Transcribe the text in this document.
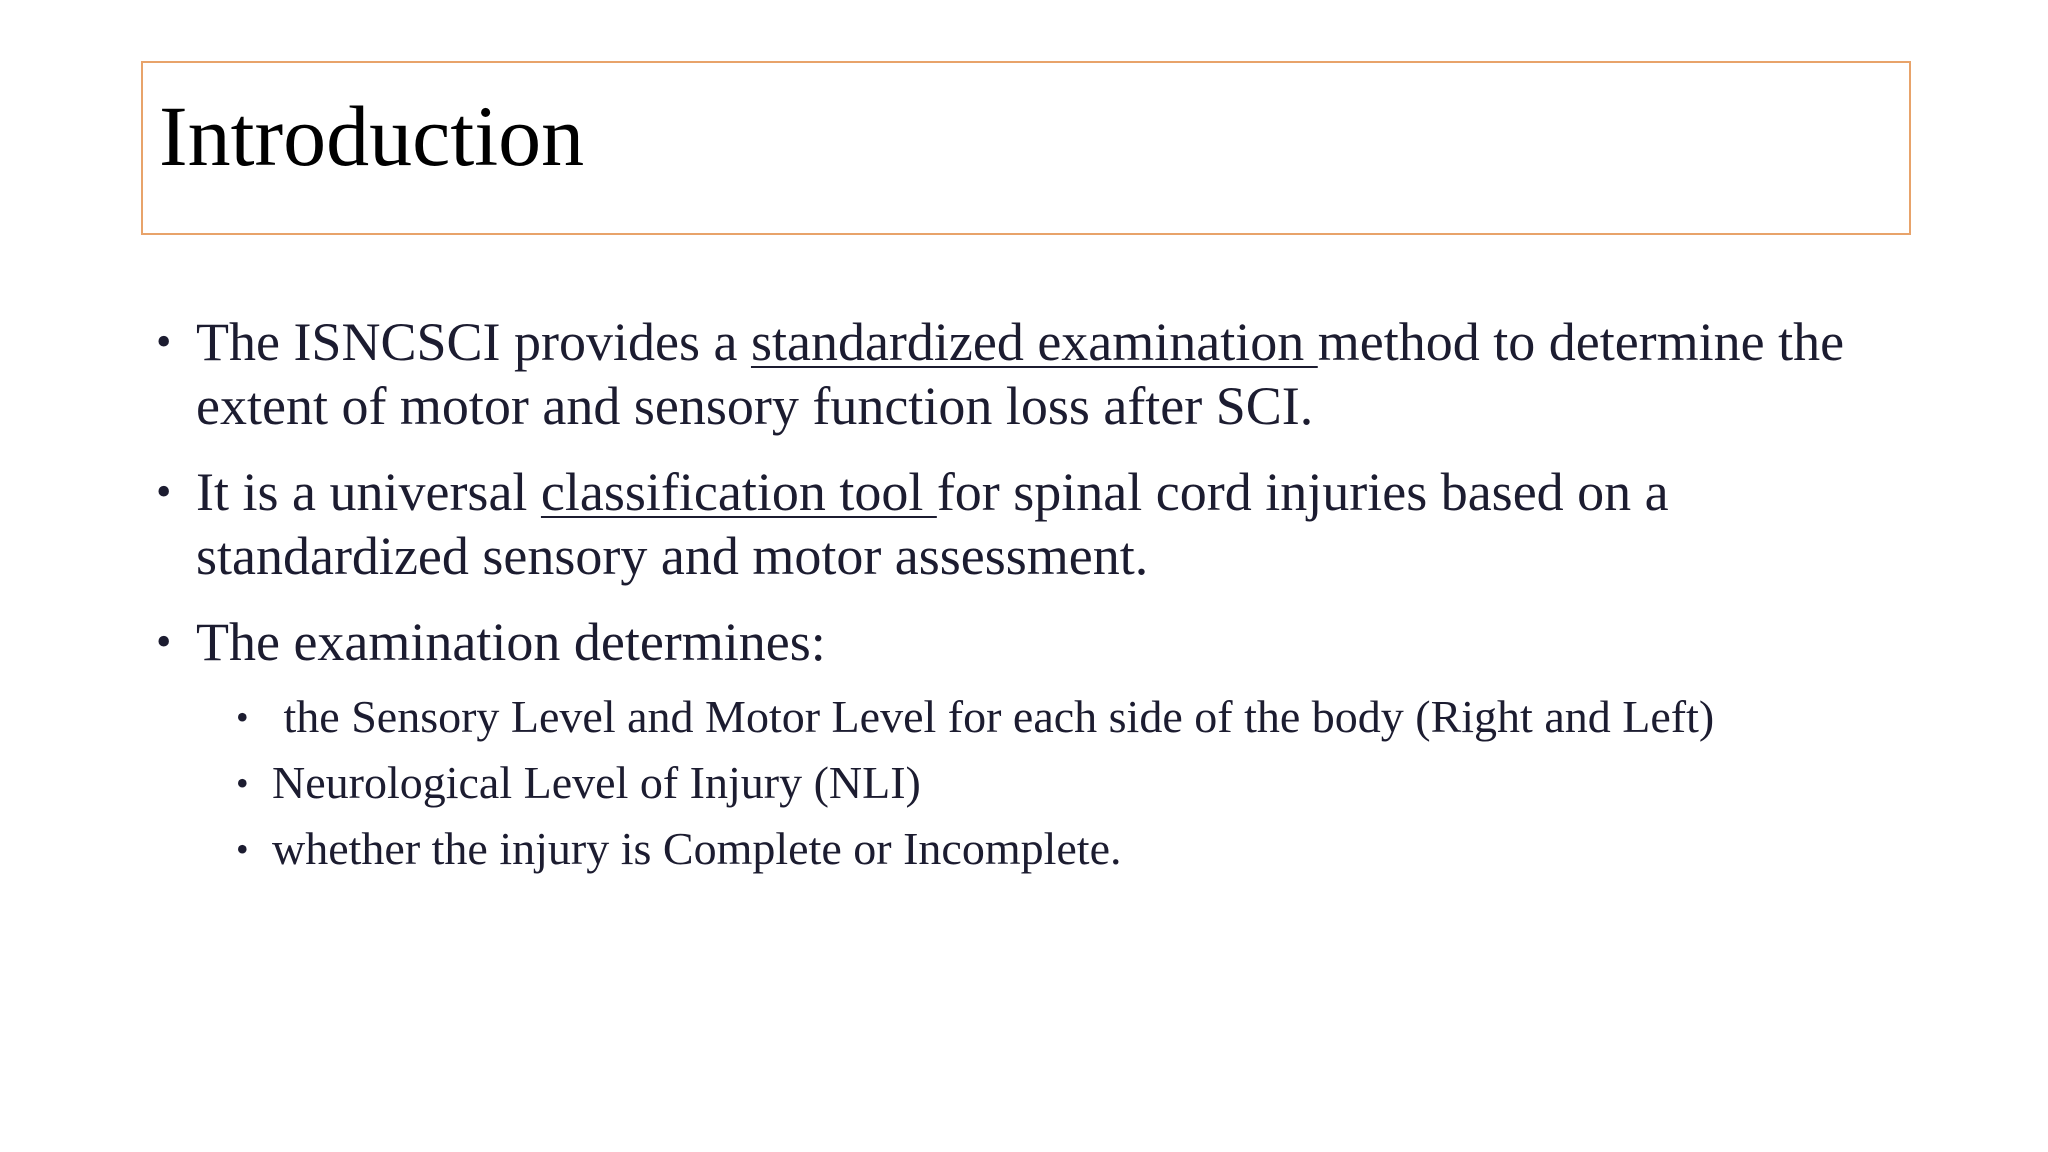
Introduction
• The ISNCSCI provides a standardized examination method to determine the extent of motor and sensory function loss after SCI.
• It is a universal classification tool for spinal cord injuries based on a standardized sensory and motor assessment.
• The examination determines:
• the Sensory Level and Motor Level for each side of the body (Right and Left)
• Neurological Level of Injury (NLI)
• whether the injury is Complete or Incomplete.
